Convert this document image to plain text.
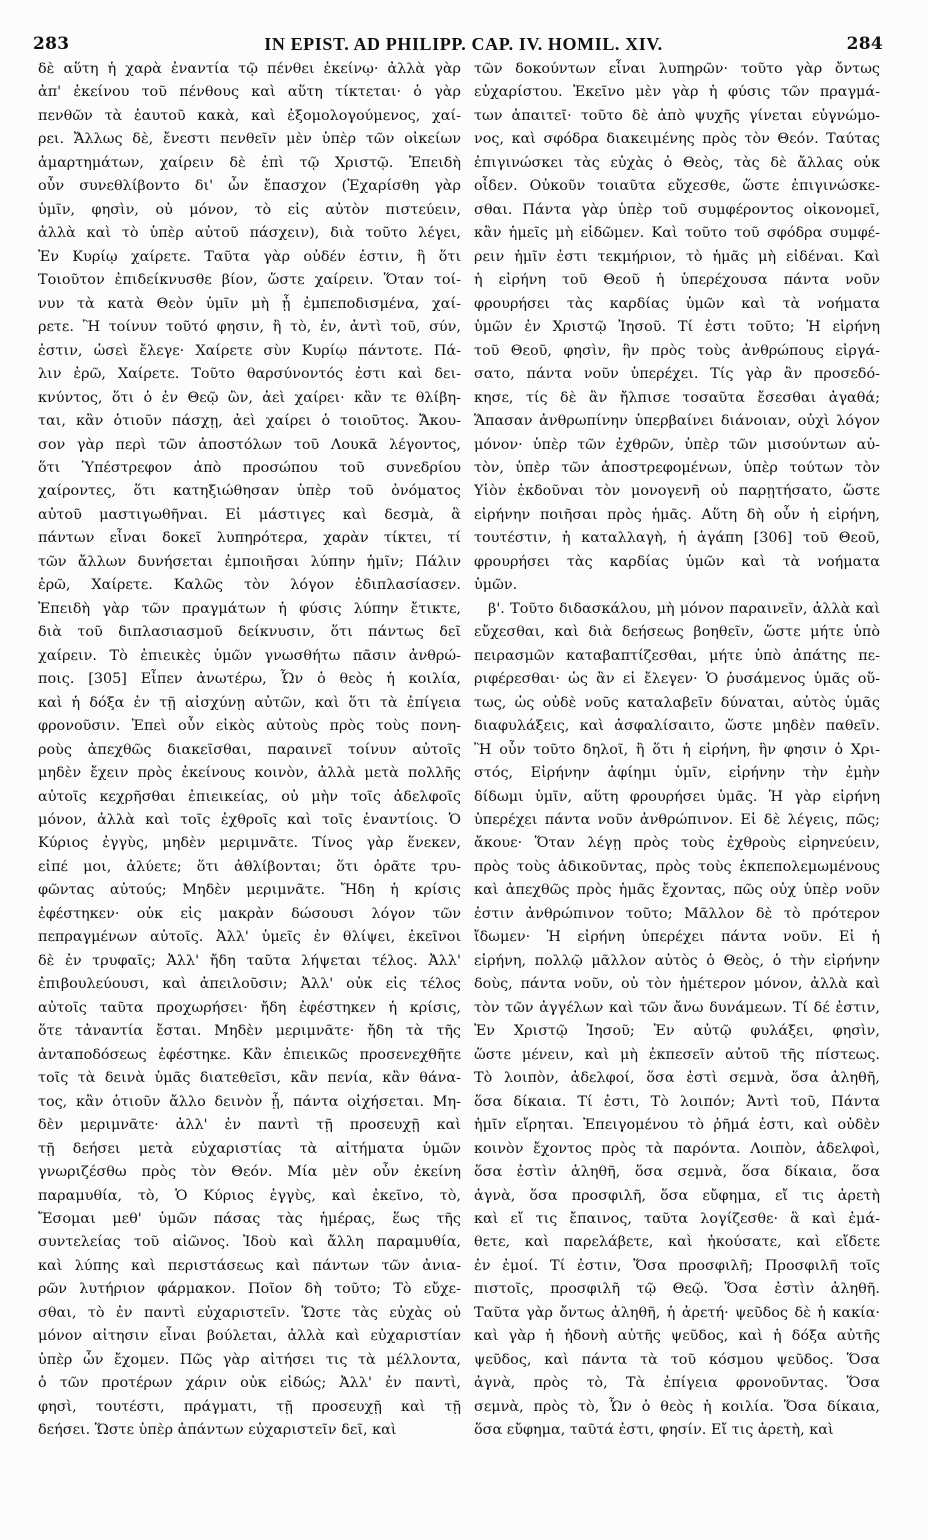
283	IN EPIST. AD PHILIPP. CAP. IV. HOMIL. XIV.	284
δὲ αὕτη ἡ χαρὰ ἐναντία τῷ πένθει ἐκείνῳ· ἀλλὰ γὰρ
ἀπ' ἐκείνου τοῦ πένθους καὶ αὕτη τίκτεται· ὁ γὰρ
πενθῶν τὰ ἑαυτοῦ κακὰ, καὶ ἐξομολογούμενος, χαί-
ρει. Ἄλλως δὲ, ἔνεστι πενθεῖν μὲν ὑπὲρ τῶν οἰκείων
ἁμαρτημάτων, χαίρειν δὲ ἐπὶ τῷ Χριστῷ. Ἐπειδὴ
οὖν συνεθλίβοντο δι' ὧν ἔπασχον (Ἐχαρίσθη γὰρ
ὑμῖν, φησὶν, οὐ μόνον, τὸ εἰς αὐτὸν πιστεύειν,
ἀλλὰ καὶ τὸ ὑπὲρ αὐτοῦ πάσχειν), διὰ τοῦτο λέγει,
Ἐν Κυρίῳ χαίρετε. Ταῦτα γὰρ οὐδέν ἐστιν, ἢ ὅτι
Τοιοῦτον ἐπιδείκνυσθε βίον, ὥστε χαίρειν. Ὅταν τοί-
νυν τὰ κατὰ Θεὸν ὑμῖν μὴ ᾖ ἐμπεποδισμένα, χαί-
ρετε. Ἢ τοίνυν τοῦτό φησιν, ἢ τὸ, ἐν, ἀντὶ τοῦ, σύν,
ἐστιν, ὡσεὶ ἔλεγε· Χαίρετε σὺν Κυρίῳ πάντοτε. Πά-
λιν ἐρῶ, Χαίρετε. Τοῦτο θαρσύνοντός ἐστι καὶ δει-
κνύντος, ὅτι ὁ ἐν Θεῷ ὢν, ἀεὶ χαίρει· κἂν τε θλίβη-
ται, κἂν ὁτιοῦν πάσχῃ, ἀεὶ χαίρει ὁ τοιοῦτος. Ἄκου-
σον γὰρ περὶ τῶν ἀποστόλων τοῦ Λουκᾶ λέγοντος,
ὅτι Ὑπέστρεφον ἀπὸ προσώπου τοῦ συνεδρίου
χαίροντες, ὅτι κατηξιώθησαν ὑπὲρ τοῦ ὀνόματος
αὐτοῦ μαστιγωθῆναι. Εἰ μάστιγες καὶ δεσμὰ, ἃ
πάντων εἶναι δοκεῖ λυπηρότερα, χαρὰν τίκτει, τί
τῶν ἄλλων δυνήσεται ἐμποιῆσαι λύπην ἡμῖν; Πάλιν
ἐρῶ, Χαίρετε. Καλῶς τὸν λόγον ἐδιπλασίασεν.
Ἐπειδὴ γὰρ τῶν πραγμάτων ἡ φύσις λύπην ἔτικτε,
διὰ τοῦ διπλασιασμοῦ δείκνυσιν, ὅτι πάντως δεῖ
χαίρειν. Τὸ ἐπιεικὲς ὑμῶν γνωσθήτω πᾶσιν ἀνθρώ-
ποις. [305] Εἶπεν ἀνωτέρω, Ὧν ὁ θεὸς ἡ κοιλία,
καὶ ἡ δόξα ἐν τῇ αἰσχύνῃ αὐτῶν, καὶ ὅτι τὰ ἐπίγεια
φρονοῦσιν. Ἐπεὶ οὖν εἰκὸς αὐτοὺς πρὸς τοὺς πονη-
ροὺς ἀπεχθῶς διακεῖσθαι, παραινεῖ τοίνυν αὐτοῖς
μηδὲν ἔχειν πρὸς ἐκείνους κοινὸν, ἀλλὰ μετὰ πολλῆς
αὐτοῖς κεχρῆσθαι ἐπιεικείας, οὐ μὴν τοῖς ἀδελφοῖς
μόνον, ἀλλὰ καὶ τοῖς ἐχθροῖς καὶ τοῖς ἐναντίοις. Ὁ
Κύριος ἐγγὺς, μηδὲν μεριμνᾶτε. Τίνος γὰρ ἕνεκεν,
εἰπέ μοι, ἀλύετε; ὅτι ἀθλίβονται; ὅτι ὁρᾶτε τρυ-
φῶντας αὐτούς; Μηδὲν μεριμνᾶτε. Ἤδη ἡ κρίσις
ἐφέστηκεν· οὐκ εἰς μακρὰν δώσουσι λόγον τῶν
πεπραγμένων αὐτοῖς. Ἀλλ' ὑμεῖς ἐν θλίψει, ἐκεῖνοι
δὲ ἐν τρυφαῖς; Ἀλλ' ἤδη ταῦτα λήψεται τέλος. Ἀλλ'
ἐπιβουλεύουσι, καὶ ἀπειλοῦσιν; Ἀλλ' οὐκ εἰς τέλος
αὐτοῖς ταῦτα προχωρήσει· ἤδη ἐφέστηκεν ἡ κρίσις,
ὅτε τἀναντία ἔσται. Μηδὲν μεριμνᾶτε· ἤδη τὰ τῆς
ἀνταποδόσεως ἐφέστηκε. Κἂν ἐπιεικῶς προσενεχθῆτε
τοῖς τὰ δεινὰ ὑμᾶς διατεθεῖσι, κἂν πενία, κἂν θάνα-
τος, κἂν ὁτιοῦν ἄλλο δεινὸν ᾖ, πάντα οἰχήσεται. Μη-
δὲν μεριμνᾶτε· ἀλλ' ἐν παντὶ τῇ προσευχῇ καὶ
τῇ δεήσει μετὰ εὐχαριστίας τὰ αἰτήματα ὑμῶν
γνωριζέσθω πρὸς τὸν Θεόν. Μία μὲν οὖν ἐκείνη
παραμυθία, τὸ, Ὁ Κύριος ἐγγὺς, καὶ ἐκεῖνο, τὸ,
Ἔσομαι μεθ' ὑμῶν πάσας τὰς ἡμέρας, ἕως τῆς
συντελείας τοῦ αἰῶνος. Ἰδοὺ καὶ ἄλλη παραμυθία,
καὶ λύπης καὶ περιστάσεως καὶ πάντων τῶν ἀνια-
ρῶν λυτήριον φάρμακον. Ποῖον δὴ τοῦτο; Τὸ εὔχε-
σθαι, τὸ ἐν παντὶ εὐχαριστεῖν. Ὥστε τὰς εὐχὰς οὐ
μόνον αἰτησιν εἶναι βούλεται, ἀλλὰ καὶ εὐχαριστίαν
ὑπὲρ ὧν ἔχομεν. Πῶς γὰρ αἰτήσει τις τὰ μέλλοντα,
ὁ τῶν προτέρων χάριν οὐκ εἰδώς; Ἀλλ' ἐν παντὶ,
φησὶ, τουτέστι, πράγματι, τῇ προσευχῇ καὶ τῇ
δεήσει. Ὥστε ὑπὲρ ἁπάντων εὐχαριστεῖν δεῖ, καὶ
τῶν δοκούντων εἶναι λυπηρῶν· τοῦτο γὰρ ὄντως
εὐχαρίστου. Ἐκεῖνο μὲν γὰρ ἡ φύσις τῶν πραγμά-
των ἀπαιτεῖ· τοῦτο δὲ ἀπὸ ψυχῆς γίνεται εὐγνώμο-
νος, καὶ σφόδρα διακειμένης πρὸς τὸν Θεόν. Ταύτας
ἐπιγινώσκει τὰς εὐχὰς ὁ Θεὸς, τὰς δὲ ἄλλας οὐκ
οἶδεν. Οὐκοῦν τοιαῦτα εὔχεσθε, ὥστε ἐπιγινώσκε-
σθαι. Πάντα γὰρ ὑπὲρ τοῦ συμφέροντος οἰκονομεῖ,
κἂν ἡμεῖς μὴ εἰδῶμεν. Καὶ τοῦτο τοῦ σφόδρα συμφέ-
ρειν ἡμῖν ἐστι τεκμήριον, τὸ ἡμᾶς μὴ εἰδέναι. Καὶ
ἡ εἰρήνη τοῦ Θεοῦ ἡ ὑπερέχουσα πάντα νοῦν
φρουρήσει τὰς καρδίας ὑμῶν καὶ τὰ νοήματα
ὑμῶν ἐν Χριστῷ Ἰησοῦ. Τί ἐστι τοῦτο; Ἡ εἰρήνη
τοῦ Θεοῦ, φησὶν, ἣν πρὸς τοὺς ἀνθρώπους εἰργά-
σατο, πάντα νοῦν ὑπερέχει. Τίς γὰρ ἂν προσεδό-
κησε, τίς δὲ ἂν ἤλπισε τοσαῦτα ἔσεσθαι ἀγαθά;
Ἅπασαν ἀνθρωπίνην ὑπερβαίνει διάνοιαν, οὐχὶ λόγον
μόνον· ὑπὲρ τῶν ἐχθρῶν, ὑπὲρ τῶν μισούντων αὐ-
τὸν, ὑπὲρ τῶν ἀποστρεφομένων, ὑπὲρ τούτων τὸν
Υἱὸν ἐκδοῦναι τὸν μονογενῆ οὐ παρῃτήσατο, ὥστε
εἰρήνην ποιῆσαι πρὸς ἡμᾶς. Αὕτη δὴ οὖν ἡ εἰρήνη,
τουτέστιν, ἡ καταλλαγὴ, ἡ ἀγάπη [306] τοῦ Θεοῦ,
φρουρήσει τὰς καρδίας ὑμῶν καὶ τὰ νοήματα
ὑμῶν.
β'. Τοῦτο διδασκάλου, μὴ μόνον παραινεῖν, ἀλλὰ καὶ
εὔχεσθαι, καὶ διὰ δεήσεως βοηθεῖν, ὥστε μήτε ὑπὸ
πειρασμῶν καταβαπτίζεσθαι, μήτε ὑπὸ ἀπάτης πε-
ριφέρεσθαι· ὡς ἂν εἰ ἔλεγεν· Ὁ ῥυσάμενος ὑμᾶς οὕ-
τως, ὡς οὐδὲ νοῦς καταλαβεῖν δύναται, αὐτὸς ὑμᾶς
διαφυλάξεις, καὶ ἀσφαλίσαιτο, ὥστε μηδὲν παθεῖν.
Ἢ οὖν τοῦτο δηλοῖ, ἢ ὅτι ἡ εἰρήνη, ἣν φησιν ὁ Χρι-
στός, Εἰρήνην ἀφίημι ὑμῖν, εἰρήνην τὴν ἐμὴν
δίδωμι ὑμῖν, αὕτη φρουρήσει ὑμᾶς. Ἡ γὰρ εἰρήνη
ὑπερέχει πάντα νοῦν ἀνθρώπινον. Εἰ δὲ λέγεις, πῶς;
ἄκουε· Ὅταν λέγῃ πρὸς τοὺς ἐχθροὺς εἰρηνεύειν,
πρὸς τοὺς ἀδικοῦντας, πρὸς τοὺς ἐκπεπολεμωμένους
καὶ ἀπεχθῶς πρὸς ἡμᾶς ἔχοντας, πῶς οὐχ ὑπὲρ νοῦν
ἐστιν ἀνθρώπινον τοῦτο; Μᾶλλον δὲ τὸ πρότερον
ἴδωμεν· Ἡ εἰρήνη ὑπερέχει πάντα νοῦν. Εἰ ἡ
εἰρήνη, πολλῷ μᾶλλον αὐτὸς ὁ Θεὸς, ὁ τὴν εἰρήνην
δοὺς, πάντα νοῦν, οὐ τὸν ἡμέτερον μόνον, ἀλλὰ καὶ
τὸν τῶν ἀγγέλων καὶ τῶν ἄνω δυνάμεων. Τί δέ ἐστιν,
Ἐν Χριστῷ Ἰησοῦ; Ἐν αὐτῷ φυλάξει, φησὶν,
ὥστε μένειν, καὶ μὴ ἐκπεσεῖν αὐτοῦ τῆς πίστεως.
Τὸ λοιπὸν, ἀδελφοί, ὅσα ἐστὶ σεμνὰ, ὅσα ἀληθῆ,
ὅσα δίκαια. Τί ἐστι, Τὸ λοιπόν; Ἀντὶ τοῦ, Πάντα
ἡμῖν εἴρηται. Ἐπειγομένου τὸ ῥῆμά ἐστι, καὶ οὐδὲν
κοινὸν ἔχοντος πρὸς τὰ παρόντα. Λοιπὸν, ἀδελφοὶ,
ὅσα ἐστὶν ἀληθῆ, ὅσα σεμνὰ, ὅσα δίκαια, ὅσα
ἁγνὰ, ὅσα προσφιλῆ, ὅσα εὔφημα, εἴ τις ἀρετὴ
καὶ εἴ τις ἔπαινος, ταῦτα λογίζεσθε· ἃ καὶ ἐμά-
θετε, καὶ παρελάβετε, καὶ ἠκούσατε, καὶ εἴδετε
ἐν ἐμοί. Τί ἐστιν, Ὅσα προσφιλῆ; Προσφιλῆ τοῖς
πιστοῖς, προσφιλῆ τῷ Θεῷ. Ὅσα ἐστὶν ἀληθῆ.
Ταῦτα γὰρ ὄντως ἀληθῆ, ἡ ἀρετή· ψεῦδος δὲ ἡ κακία·
καὶ γὰρ ἡ ἡδονὴ αὐτῆς ψεῦδος, καὶ ἡ δόξα αὐτῆς
ψεῦδος, καὶ πάντα τὰ τοῦ κόσμου ψεῦδος. Ὅσα
ἁγνὰ, πρὸς τὸ, Τὰ ἐπίγεια φρονοῦντας. Ὅσα
σεμνὰ, πρὸς τὸ, Ὧν ὁ θεὸς ἡ κοιλία. Ὅσα δίκαια,
ὅσα εὔφημα, ταῦτά ἐστι, φησίν. Εἴ τις ἀρετὴ, καὶ
